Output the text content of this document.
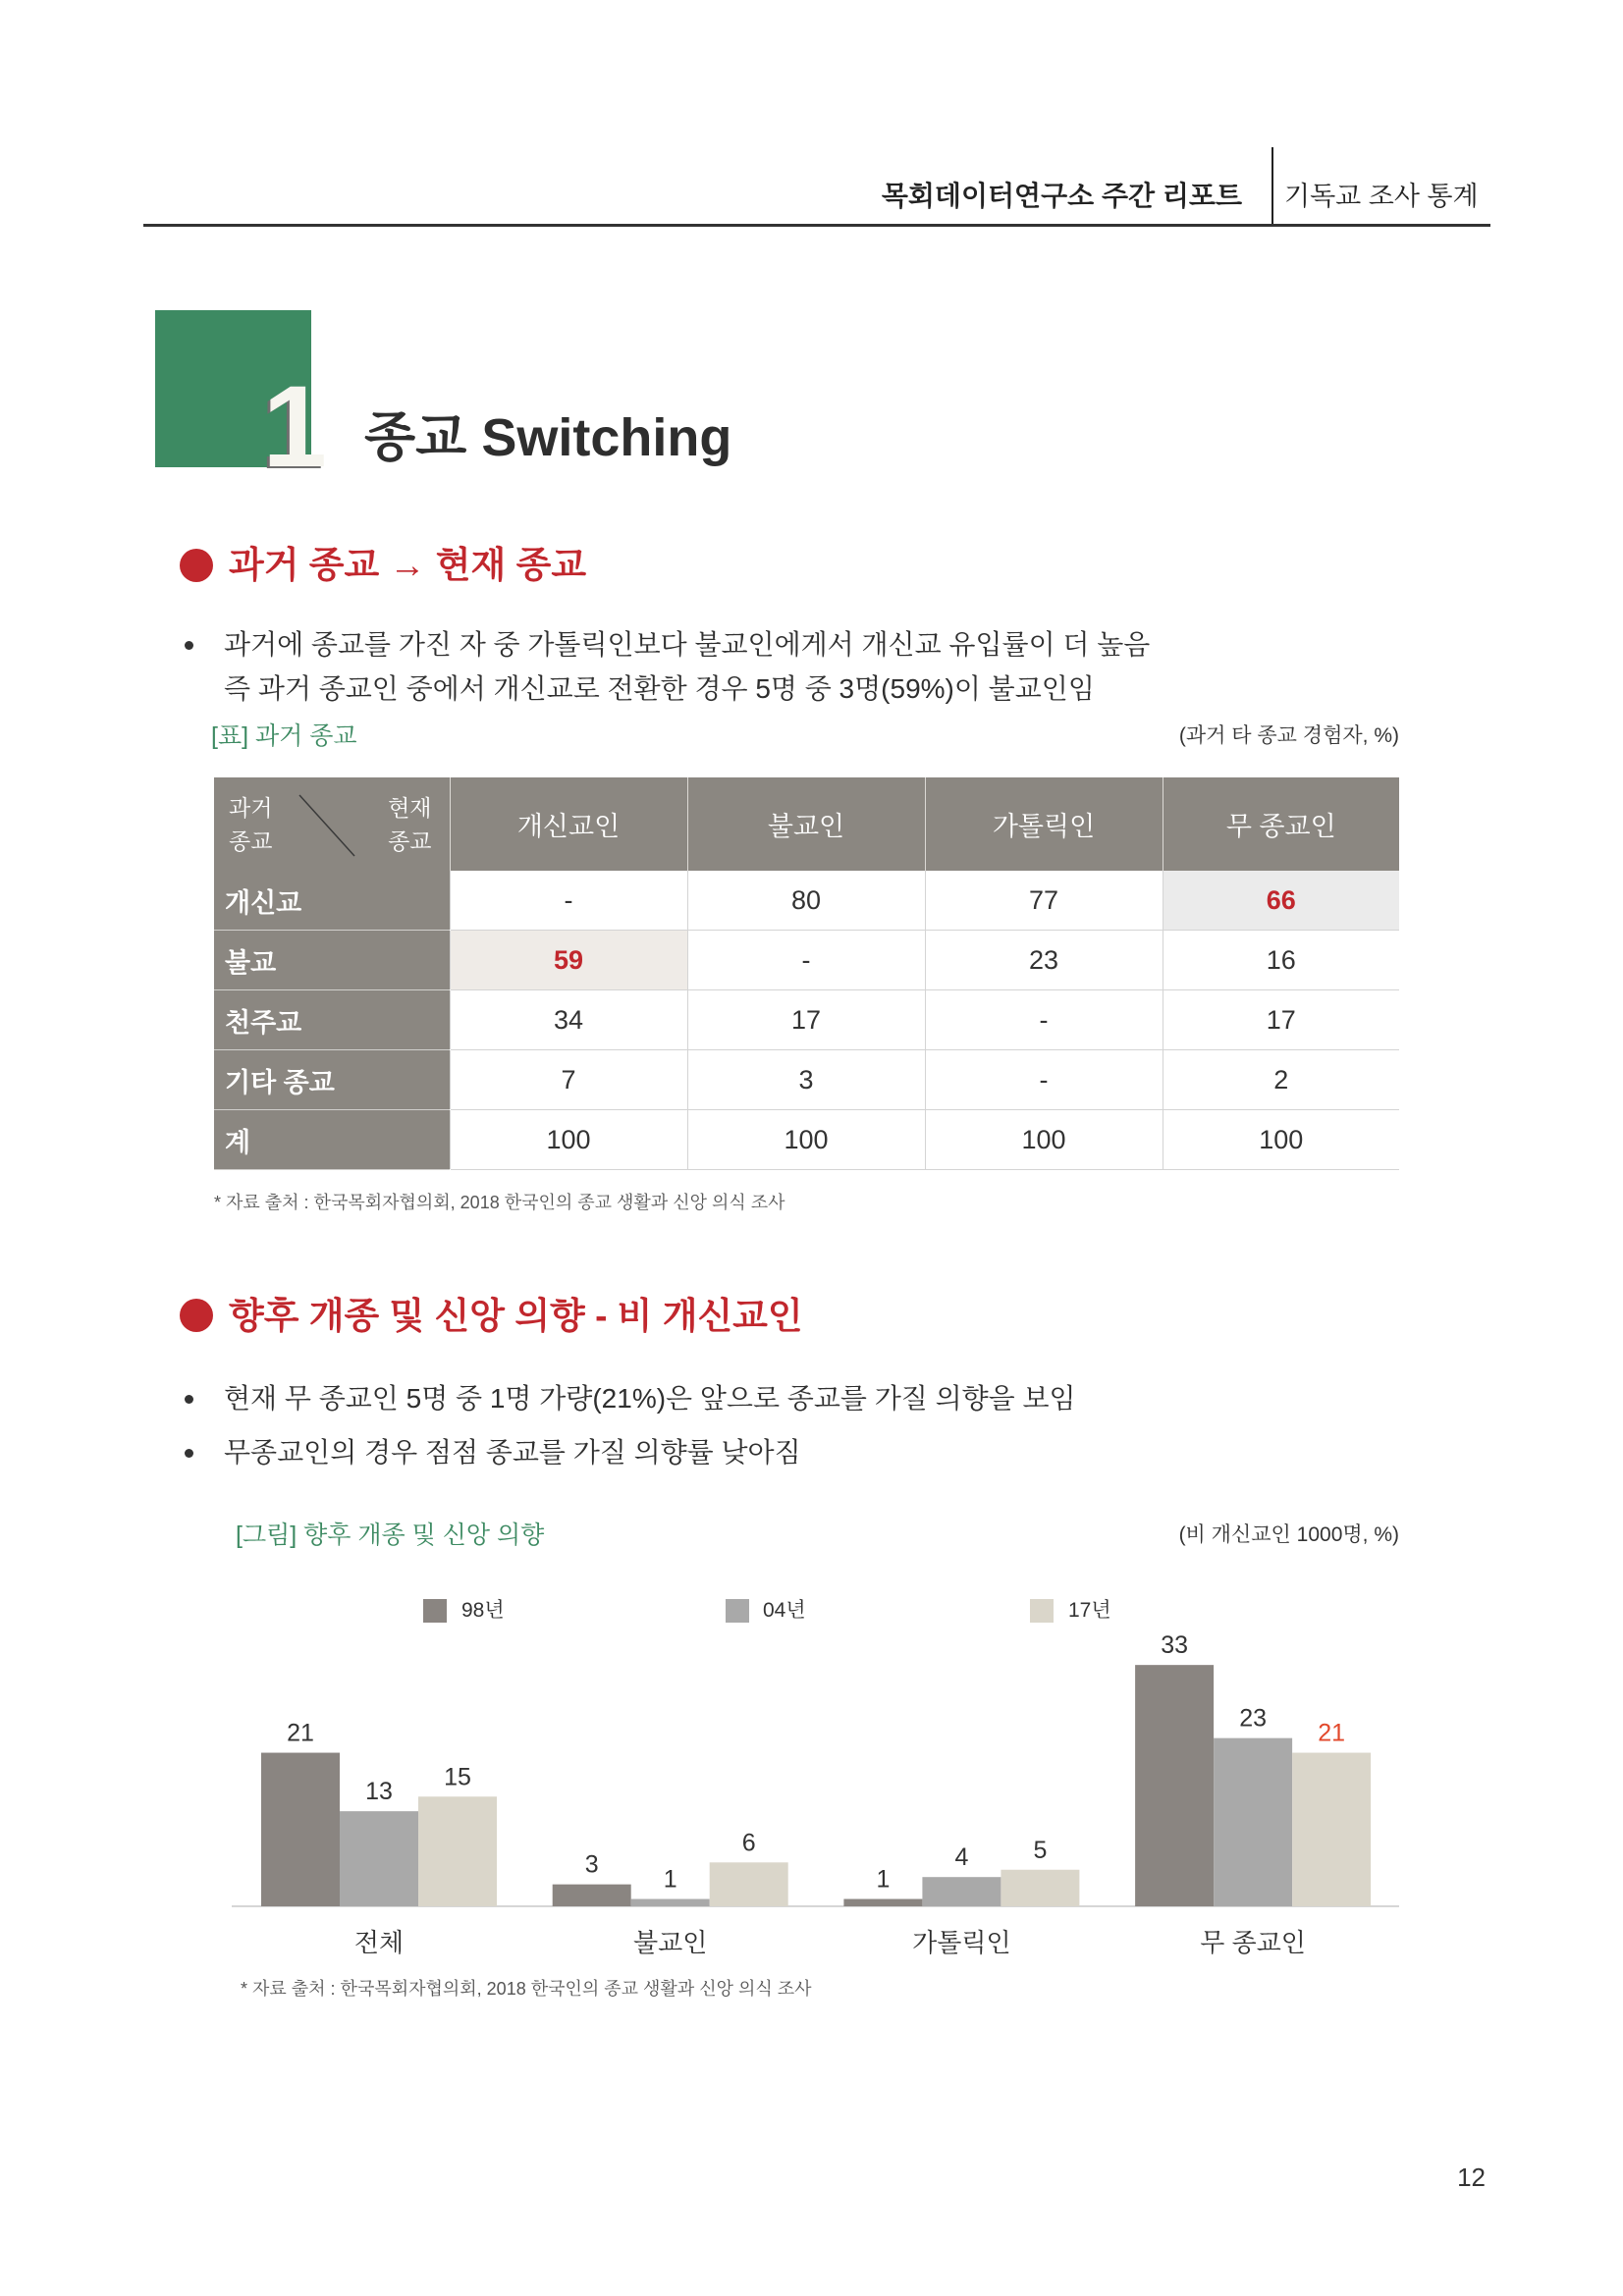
목회데이터연구소 주간 리포트 기독교 조사 통계
1 종교 Switching
과거 종교 → 현재 종교
과거에 종교를 가진 자 중 가톨릭인보다 불교인에게서 개신교 유입률이 더 높음
즉 과거 종교인 중에서 개신교로 전환한 경우 5명 중 3명(59%)이 불교인임
[표] 과거 종교	(과거 타 종교 경험자, %)
과거
종교
현재
종교	개신교인	불교인	가톨릭인	무 종교인
개신교	-	80	77	66
불교	59	-	23	16
천주교	34	17	-	17
기타 종교	7	3	-	2
계	100	100	100	100
* 자료 출처 : 한국목회자협의회, 2018 한국인의 종교 생활과 신앙 의식 조사
향후 개종 및 신앙 의향 - 비 개신교인
현재 무 종교인 5명 중 1명 가량(21%)은 앞으로 종교를 가질 의향을 보임
무종교인의 경우 점점 종교를 가질 의향률 낮아짐
[그림] 향후 개종 및 신앙 의향	(비 개신교인 1000명, %)
98년	04년	17년
21
13
15
전체
3
1
6
불교인
1
4	5
가톨릭인
33
23
21
무 종교인
* 자료 출처 : 한국목회자협의회, 2018 한국인의 종교 생활과 신앙 의식 조사
12
